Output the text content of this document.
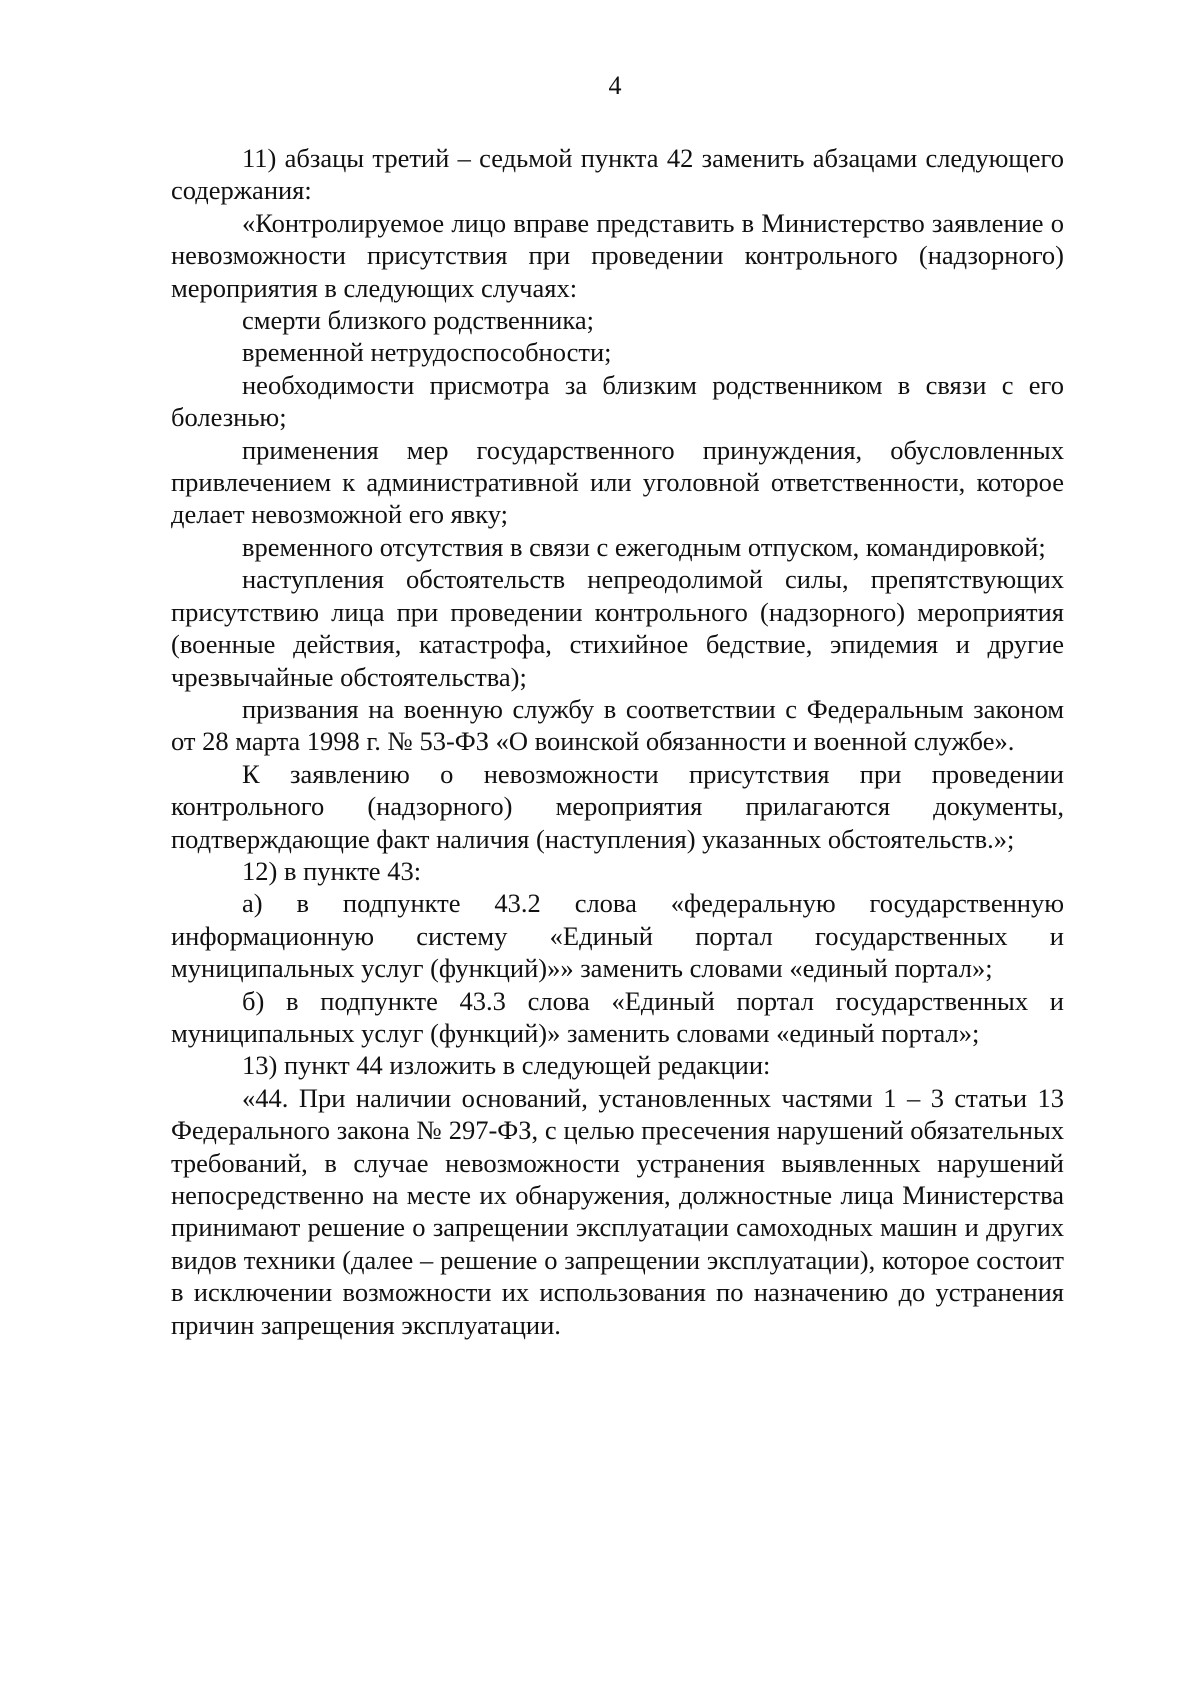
4

11) абзацы третий – седьмой пункта 42 заменить абзацами следующего содержания:

«Контролируемое лицо вправе представить в Министерство заявление о невозможности присутствия при проведении контрольного (надзорного) мероприятия в следующих случаях:

смерти близкого родственника;

временной нетрудоспособности;

необходимости присмотра за близким родственником в связи с его болезнью;

применения мер государственного принуждения, обусловленных привлечением к административной или уголовной ответственности, которое делает невозможной его явку;

временного отсутствия в связи с ежегодным отпуском, командировкой;

наступления обстоятельств непреодолимой силы, препятствующих присутствию лица при проведении контрольного (надзорного) мероприятия (военные действия, катастрофа, стихийное бедствие, эпидемия и другие чрезвычайные обстоятельства);

призвания на военную службу в соответствии с Федеральным законом от 28 марта 1998 г. № 53-ФЗ «О воинской обязанности и военной службе».

К заявлению о невозможности присутствия при проведении контрольного (надзорного) мероприятия прилагаются документы, подтверждающие факт наличия (наступления) указанных обстоятельств.»;

12) в пункте 43:

а) в подпункте 43.2 слова «федеральную государственную информационную систему «Единый портал государственных и муниципальных услуг (функций)»» заменить словами «единый портал»;

б) в подпункте 43.3 слова «Единый портал государственных и муниципальных услуг (функций)» заменить словами «единый портал»;

13) пункт 44 изложить в следующей редакции:

«44. При наличии оснований, установленных частями 1 – 3 статьи 13 Федерального закона № 297-ФЗ, с целью пресечения нарушений обязательных требований, в случае невозможности устранения выявленных нарушений непосредственно на месте их обнаружения, должностные лица Министерства принимают решение о запрещении эксплуатации самоходных машин и других видов техники (далее – решение о запрещении эксплуатации), которое состоит в исключении возможности их использования по назначению до устранения причин запрещения эксплуатации.
